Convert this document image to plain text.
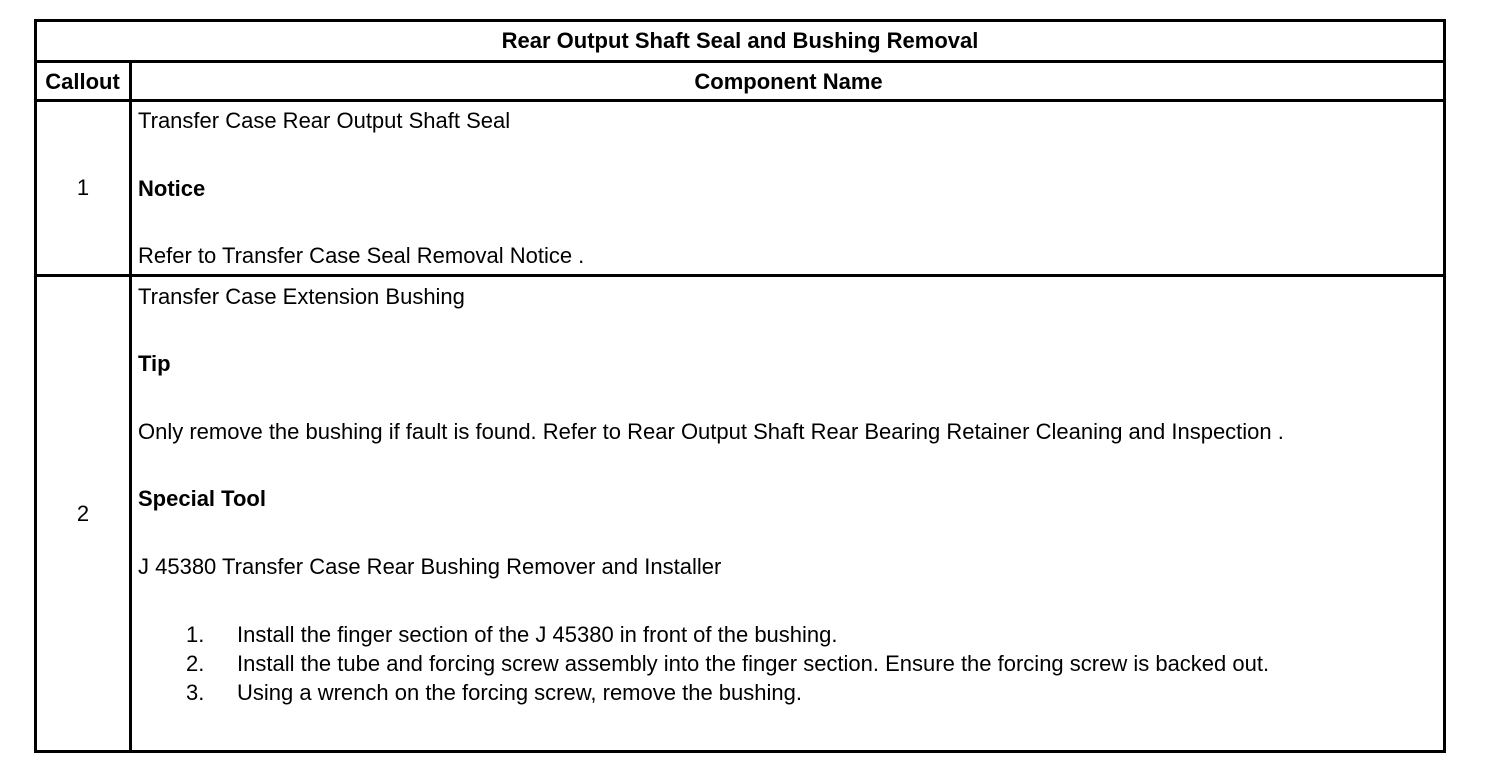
Rear Output Shaft Seal and Bushing Removal
Callout	Component Name
1
Transfer Case Rear Output Shaft Seal
Notice
Refer to Transfer Case Seal Removal Notice .
2
Transfer Case Extension Bushing
Tip
Only remove the bushing if fault is found. Refer to Rear Output Shaft Rear Bearing Retainer Cleaning and Inspection .
Special Tool
J 45380 Transfer Case Rear Bushing Remover and Installer
1. Install the finger section of the J 45380 in front of the bushing.
2. Install the tube and forcing screw assembly into the finger section. Ensure the forcing screw is backed out.
3. Using a wrench on the forcing screw, remove the bushing.
